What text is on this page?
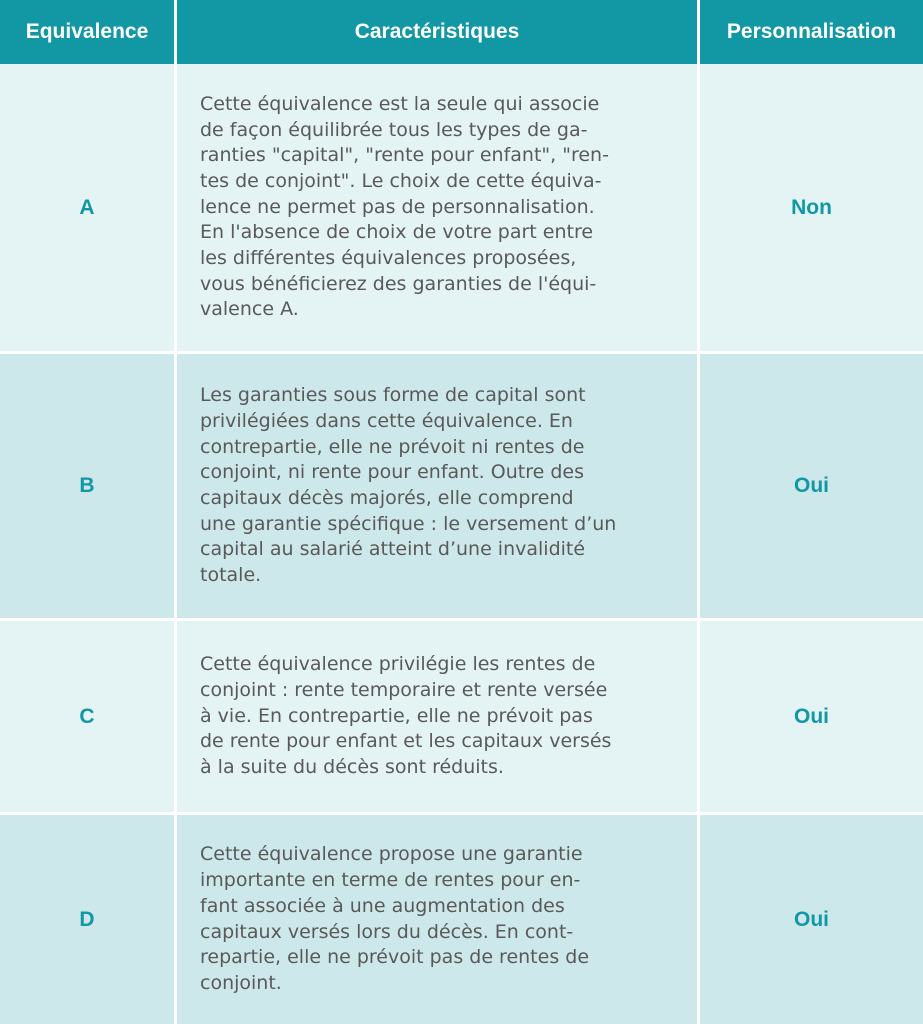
Equivalence	Caractéristiques	Personnalisation
A

Cette équivalence est la seule qui associe
de façon équilibrée tous les types de ga-
ranties "capital", "rente pour enfant", "ren-
tes de conjoint". Le choix de cette équiva-
lence ne permet pas de personnalisation.
En l'absence de choix de votre part entre
les différentes équivalences proposées,
vous bénéficierez des garanties de l'équi-
valence A.

Non
B

Les garanties sous forme de capital sont
privilégiées dans cette équivalence. En
contrepartie, elle ne prévoit ni rentes de
conjoint, ni rente pour enfant. Outre des
capitaux décès majorés, elle comprend
une garantie spécifique : le versement d’un
capital au salarié atteint d’une invalidité
totale.

Oui
C

Cette équivalence privilégie les rentes de
conjoint : rente temporaire et rente versée
à vie. En contrepartie, elle ne prévoit pas
de rente pour enfant et les capitaux versés
à la suite du décès sont réduits.

Oui
D

Cette équivalence propose une garantie
importante en terme de rentes pour en-
fant associée à une augmentation des
capitaux versés lors du décès. En cont-
repartie, elle ne prévoit pas de rentes de
conjoint.

Oui
